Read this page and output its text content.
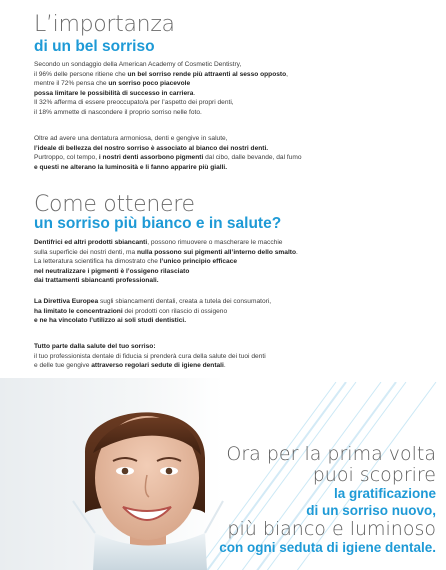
L’importanza
di un bel sorriso
Secondo un sondaggio della American Academy of Cosmetic Dentistry,
il 96% delle persone ritiene che un bel sorriso rende più attraenti al sesso opposto,
mentre il 72% pensa che un sorriso poco piacevole
possa limitare le possibilità di successo in carriera.
Il 32% afferma di essere preoccupato/a per l’aspetto dei propri denti,
il 18% ammette di nascondere il proprio sorriso nelle foto.
Oltre ad avere una dentatura armoniosa, denti e gengive in salute,
l’ideale di bellezza del nostro sorriso è associato al bianco dei nostri denti.
Purtroppo, col tempo, i nostri denti assorbono pigmenti dal cibo, dalle bevande, dal fumo
e questi ne alterano la luminosità e li fanno apparire più gialli.
Come ottenere
un sorriso più bianco e in salute?
Dentifrici ed altri prodotti sbiancanti, possono rimuovere o mascherare le macchie
sulla superficie dei nostri denti, ma nulla possono sui pigmenti all’interno dello smalto.
La letteratura scientifica ha dimostrato che l’unico principio efficace
nel neutralizzare i pigmenti è l’ossigeno rilasciato
dai trattamenti sbiancanti professionali.
La Direttiva Europea sugli sbiancamenti dentali, creata a tutela dei consumatori,
ha limitato le concentrazioni dei prodotti con rilascio di ossigeno
e ne ha vincolato l’utilizzo ai soli studi dentistici.
Tutto parte dalla salute del tuo sorriso:
il tuo professionista dentale di fiducia si prenderà cura della salute dei tuoi denti
e delle tue gengive attraverso regolari sedute di igiene dentali.
Ora per la prima volta
puoi scoprire
la gratificazione
di un sorriso nuovo,
più bianco e luminoso
con ogni seduta di igiene dentale.
